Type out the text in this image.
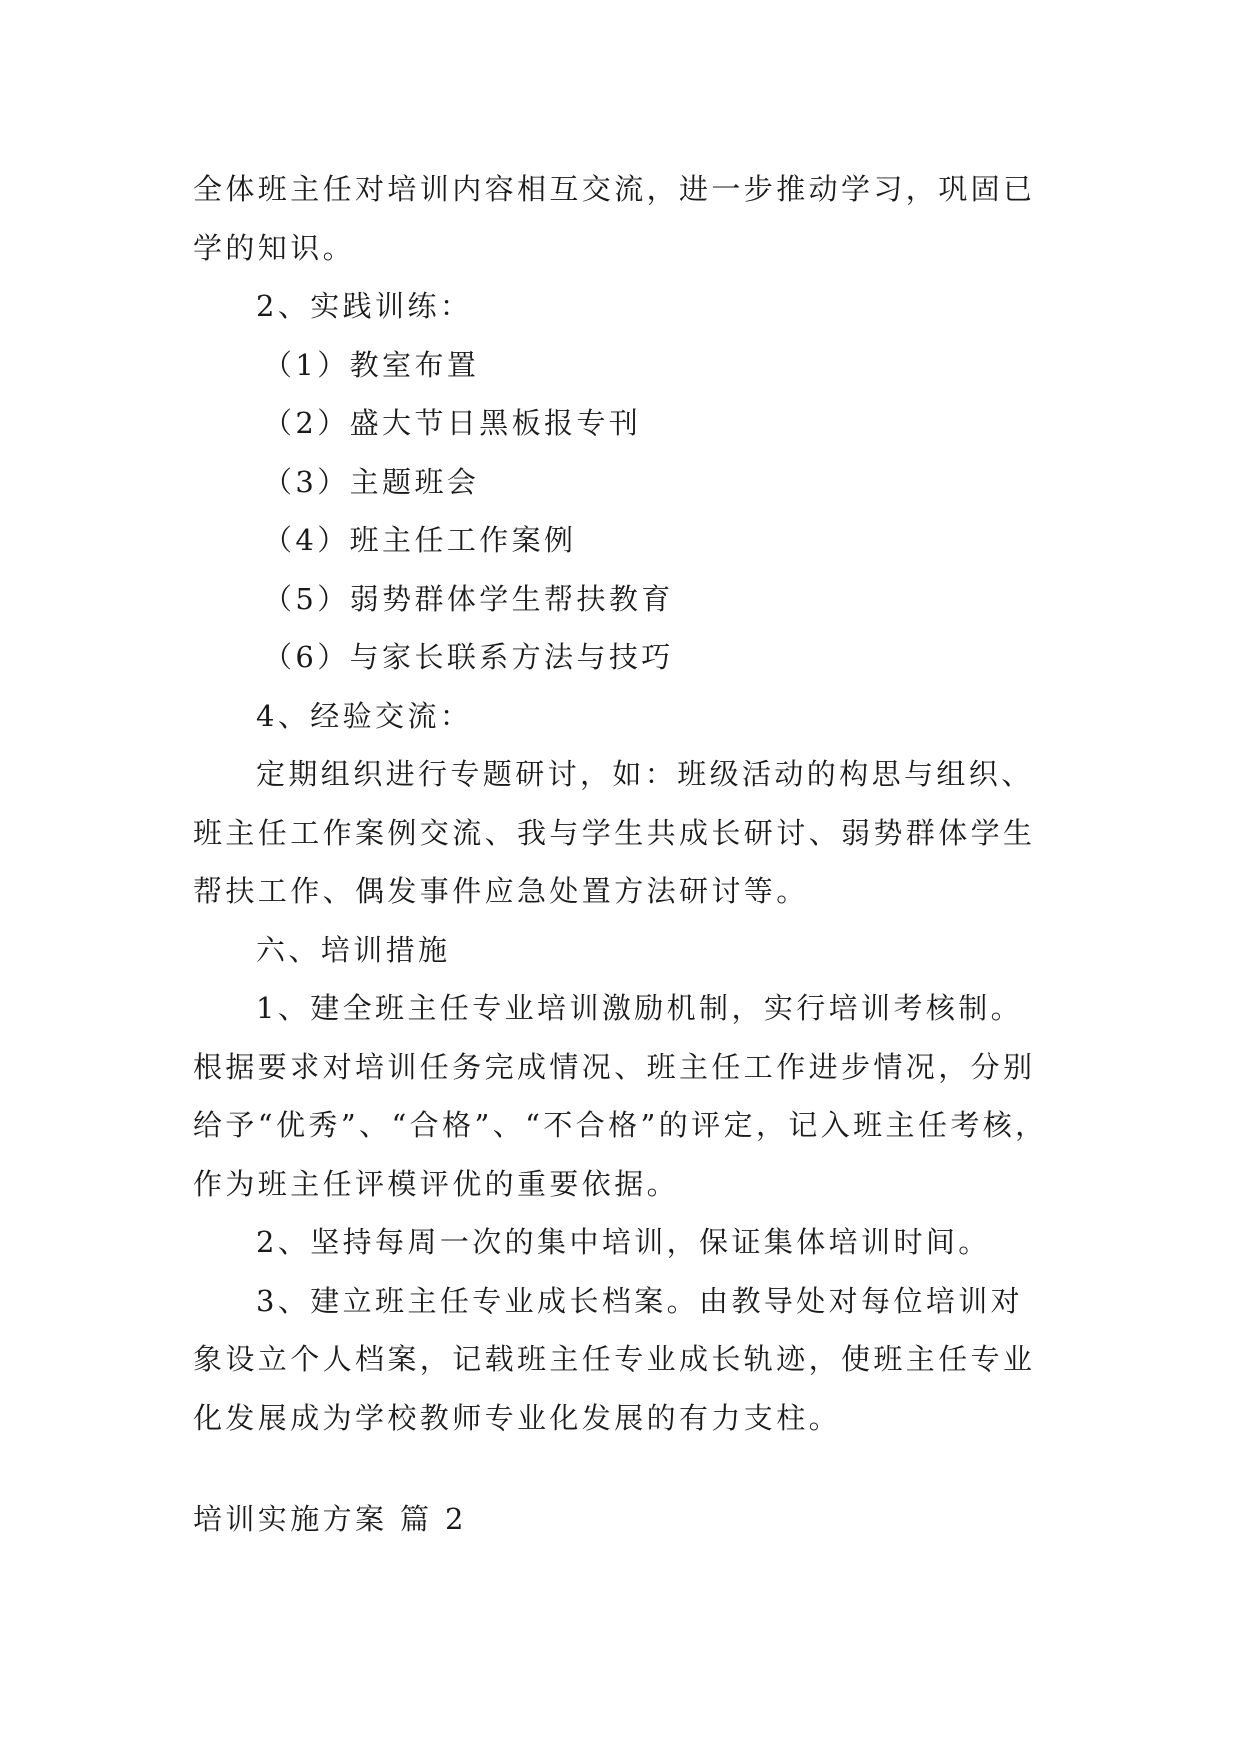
全体班主任对培训内容相互交流，进一步推动学习，巩固已学的知识。

2、实践训练：

（1）教室布置

（2）盛大节日黑板报专刊

（3）主题班会

（4）班主任工作案例

（5）弱势群体学生帮扶教育

（6）与家长联系方法与技巧

4、经验交流：

定期组织进行专题研讨，如：班级活动的构思与组织、班主任工作案例交流、我与学生共成长研讨、弱势群体学生帮扶工作、偶发事件应急处置方法研讨等。

六、培训措施

1、建全班主任专业培训激励机制，实行培训考核制。根据要求对培训任务完成情况、班主任工作进步情况，分别给予“优秀”、“合格”、“不合格”的评定，记入班主任考核，作为班主任评模评优的重要依据。

2、坚持每周一次的集中培训，保证集体培训时间。

3、建立班主任专业成长档案。由教导处对每位培训对象设立个人档案，记载班主任专业成长轨迹，使班主任专业化发展成为学校教师专业化发展的有力支柱。

培训实施方案 篇 2
